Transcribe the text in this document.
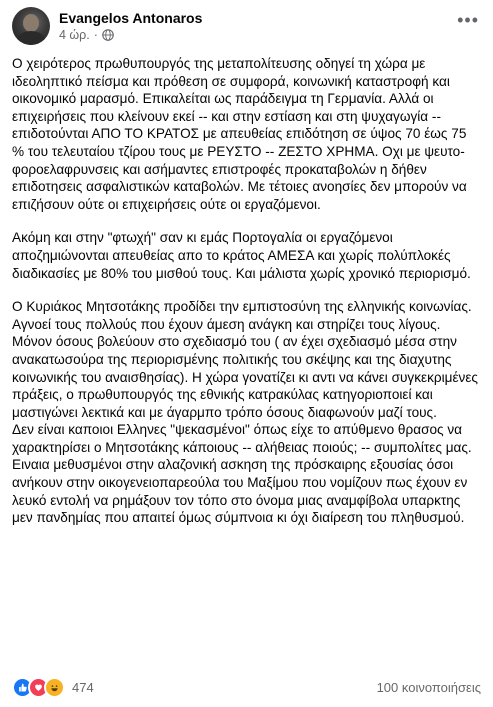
Evangelos Antonaros
4 ώρ. ·
•••

Ο χειρότερος πρωθυπουργός της μεταπολίτευσης οδηγεί τη χώρα με ιδεοληπτικό πείσμα και πρόθεση σε συμφορά, κοινωνική καταστροφή και οικονομικό μαρασμό. Επικαλείται ως παράδειγμα τη Γερμανία. Αλλά οι επιχειρήσεις που κλείνουν εκεί -- και στην εστίαση και στη ψυχαγωγία -- επιδοτούνται ΑΠΟ ΤΟ ΚΡΑΤΟΣ με απευθείας επιδότηση σε ύψος 70 έως 75 % του τελευταίου τζίρου τους με ΡΕΥΣΤΟ -- ΖΕΣΤΟ ΧΡΗΜΑ. Οχι με ψευτο-φοροελαφρυνσεις και ασήμαντες επιστροφές προκαταβολών η δήθεν επιδοτησεις ασφαλιστικών καταβολών. Με τέτοιες ανοησίες δεν μπορούν να επιζήσουν ούτε οι επιχειρήσεις ούτε οι εργαζόμενοι.

Ακόμη και στην "φτωχή" σαν κι εμάς Πορτογαλία οι εργαζόμενοι αποζημιώνονται απευθείας απο το κράτος ΑΜΕΣΑ και χωρίς πολύπλοκές διαδικασίες με 80% του μισθού τους. Και μάλιστα χωρίς χρονικό περιορισμό.

Ο Κυριάκος Μητσοτάκης προδίδει την εμπιστοσύνη της ελληνικής κοινωνίας. Αγνοεί τους πολλούς που έχουν άμεση ανάγκη και στηρίζει τους λίγους. Μόνον όσους βολεύουν στο σχεδιασμό του ( αν έχει σχεδιασμό μέσα στην ανακατωσούρα της περιορισμένης πολιτικής του σκέψης και της διαχυτης κοινωνικής του αναισθησίας). Η χώρα γονατίζει κι αντι να κάνει συγκεκριμένες πράξεις, ο πρωθυπουργός της εθνικής κατρακύλας κατηγοριοποιεί και μαστιγώνει λεκτικά και με άγαρμπο τρόπο όσους διαφωνούν μαζί τους.

Δεν είναι καποιοι Ελληνες "ψεκασμένοι" όπως είχε το απύθμενο θρασος να χαρακτηρίσει ο Μητσοτάκης κάποιους -- αλήθειας ποιούς; -- συμπολίτες μας. Ειναια μεθυσμένοι στην αλαζονική ασκηση της πρόσκαιρης εξουσίας όσοι ανήκουν στην οικογενειοπαρεούλα του Μαξίμου που νομίζουν πως έχουν εν λευκό εντολή να ρημάξουν τον τόπο στο όνομα μιας αναμφίβολα υπαρκτης μεν πανδημίας που απαιτεί όμως σύμπνοια κι όχι διαίρεση του πληθυσμού.

474	100 κοινοποιήσεις
